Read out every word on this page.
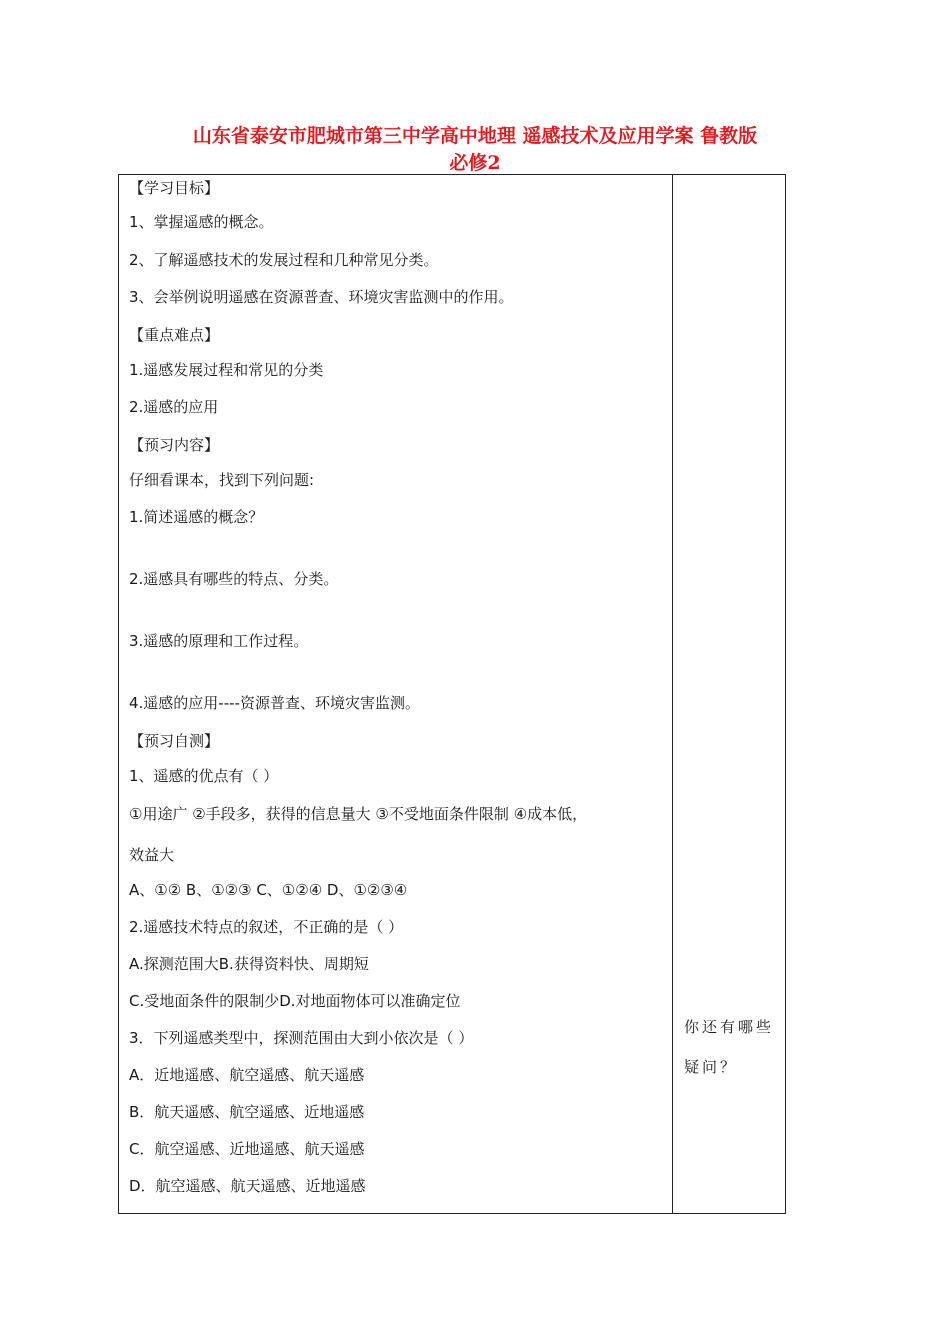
山东省泰安市肥城市第三中学高中地理 遥感技术及应用学案 鲁教版
必修2
【学习目标】
1、掌握遥感的概念。
2、了解遥感技术的发展过程和几种常见分类。
3、会举例说明遥感在资源普查、环境灾害监测中的作用。
【重点难点】
1.遥感发展过程和常见的分类
2.遥感的应用
【预习内容】
仔细看课本，找到下列问题:
1.简述遥感的概念？
2.遥感具有哪些的特点、分类。
3.遥感的原理和工作过程。
4.遥感的应用----资源普查、环境灾害监测。
【预习自测】
1、遥感的优点有（ ）
①用途广 ②手段多，获得的信息量大 ③不受地面条件限制 ④成本低，
效益大
A、①② B、①②③ C、①②④ D、①②③④
2.遥感技术特点的叙述，不正确的是（ ）
A.探测范围大B.获得资料快、周期短
C.受地面条件的限制少D.对地面物体可以准确定位
3．下列遥感类型中，探测范围由大到小依次是（ ）
A．近地遥感、航空遥感、航天遥感
B．航天遥感、航空遥感、近地遥感
C．航空遥感、近地遥感、航天遥感
D．航空遥感、航天遥感、近地遥感
你还有哪些
疑问？
